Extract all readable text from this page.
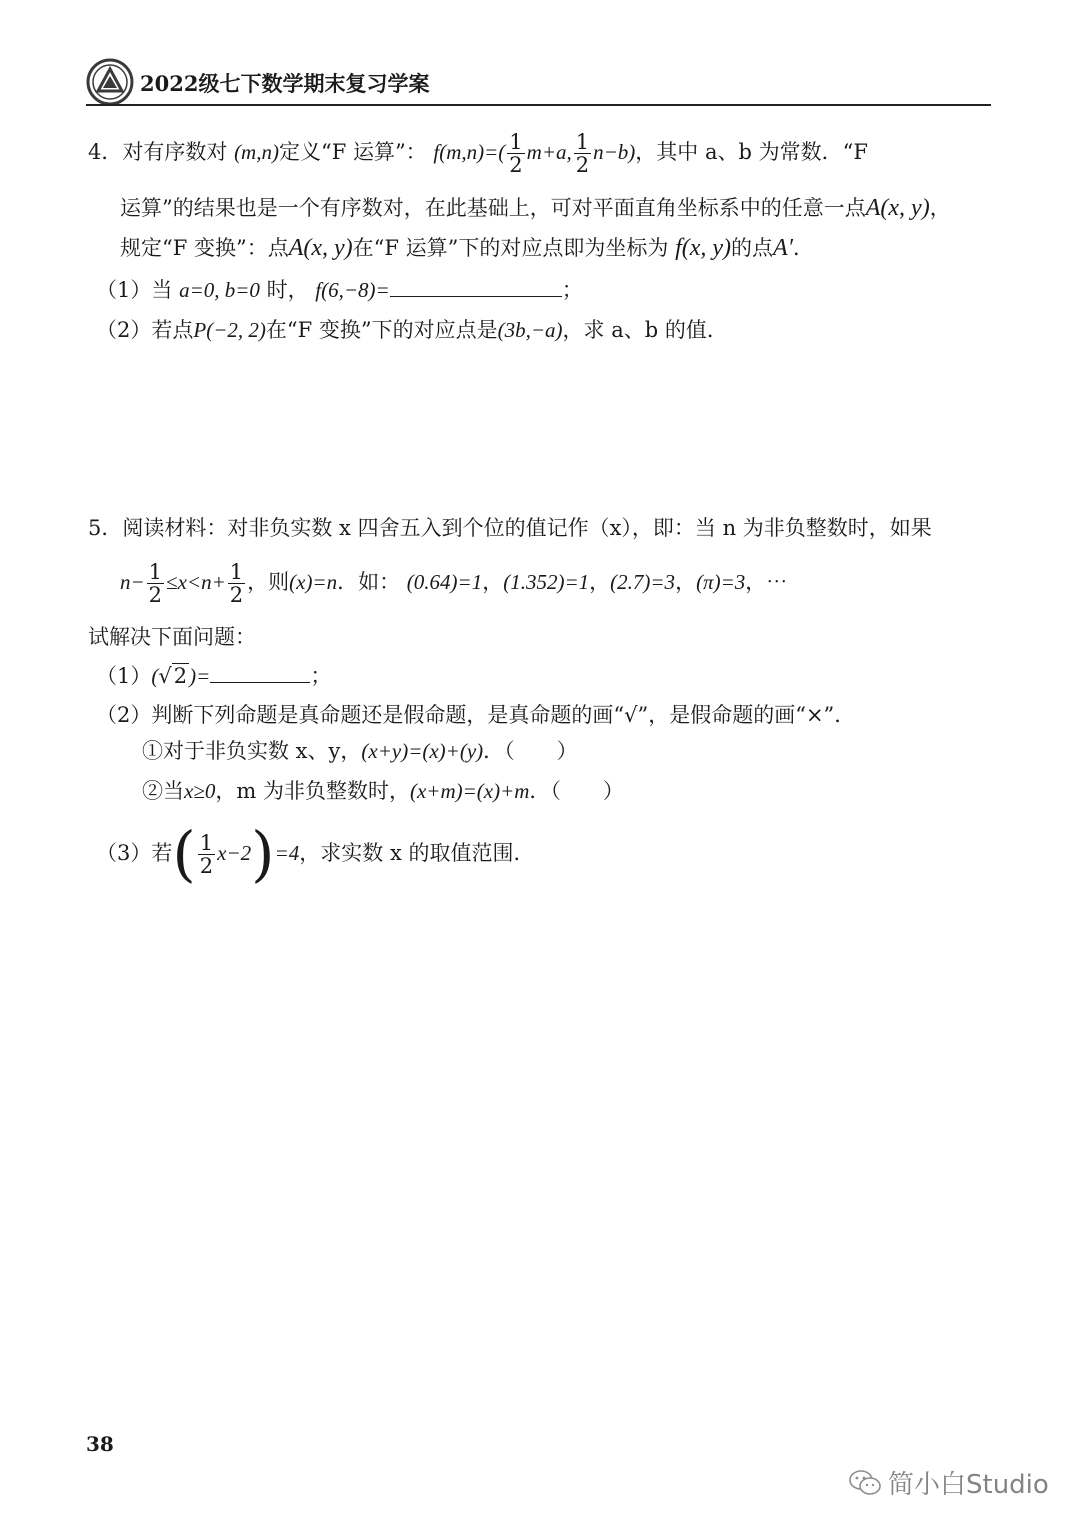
2022级七下数学期末复习学案
4．对有序数对 (m,n)定义“F 运算”： $f(m,n)=( \frac{1}{2} m+a$, $\frac{1}{2} n-b$)，其中 a、b 为常数．“F
运算”的结果也是一个有序数对，在此基础上，可对平面直角坐标系中的任意一点A(x, y)，
规定“F 变换”：点A(x, y)在“F 运算”下的对应点即为坐标为 f(x, y)的点A′．
（1）当 a=0, b=0 时， f(6,−8)=	；
（2）若点P(−2, 2)在“F 变换”下的对应点是(3b,−a)，求 a、b 的值．
5．阅读材料：对非负实数 x 四舍五入到个位的值记作（x），即：当 n 为非负整数时，如果
$n- \frac{1}{2} \le x<n+ \frac{1}{2}$ ，则(x)=n．如： (0.64)=1，(1.352)=1，(2.7)=3，(π)=3，⋯
试解决下面问题：
（1）(√2)=	；
（2）判断下列命题是真命题还是假命题，是真命题的画“√”，是假命题的画“×”．
①对于非负实数 x、y，(x+y)=(x)+(y)．（　　）
②当x≥0，m 为非负整数时，(x+m)=(x)+m．（　　）
（3）若( $\frac{1}{2} x-2)=4$，求实数 x 的取值范围．
38
简小白Studio
